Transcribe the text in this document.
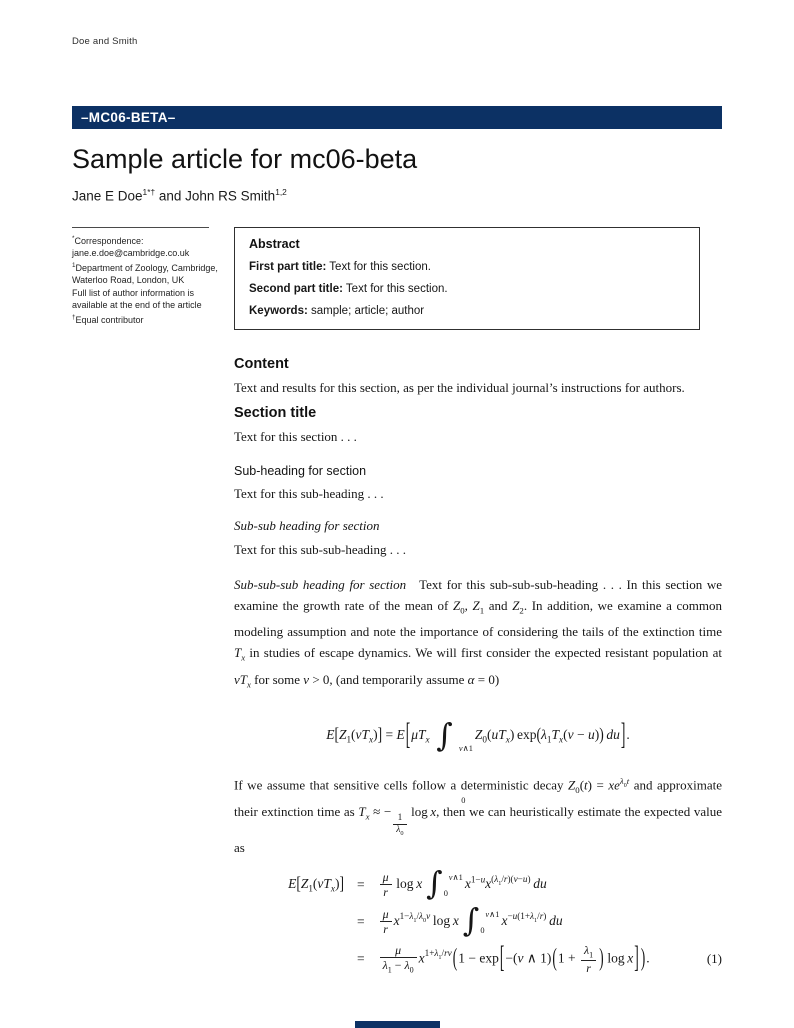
Doe and Smith
–MC06-BETA–
Sample article for mc06-beta
Jane E Doe$^{1*\dagger}$ and John RS Smith$^{1,2}$

*Correspondence:

jane.e.doe@cambridge.co.uk

$^1$Department of Zoology, Cambridge, Waterloo Road, London, UK

Full list of author information is available at the end of the article

†Equal contributor

Abstract
First part title: Text for this section.
Second part title: Text for this section.
Keywords: sample; article; author
Content
Text and results for this section, as per the individual journal’s instructions for authors.
Section title
Text for this section . . .
Sub-heading for section
Text for this sub-heading . . .
Sub-sub heading for section
Text for this sub-sub-heading . . .
Sub-sub-sub heading for section Text for this sub-sub-sub-heading . . . In this section we examine the growth rate of the mean of $Z_0$, $Z_1$ and $Z_2$. In addition, we examine a common modeling assumption and note the importance of considering the tails of the extinction time $T_x$ in studies of escape dynamics. We will first consider the expected resistant population at $vT_x$ for some v > 0, (and temporarily assume α = 0)
$E[Z_1(vT_x)] = E[\mu T_x$  ∫ v∧1
0
$Z_0(uT_x) \exp(\lambda_1T_x(v - u))$  du].
If we assume that sensitive cells follow a deterministic decay $Z_0(t) = xe^{\lambda_0t}$ and approximate their extinction time as $T_x$ ≈ −
$\frac{1}{\lambda_0}$
 log x, then we can heuristically estimate the expected value as
$E[Z_1(vT_x)] = \frac{\mu}{r}$  log x ∫ v∧1
0
$x^{1-u}x^{(\lambda_1/r)(v-u)}$  du
= $\frac{\mu}{r} x^{1-\lambda_1/\lambda_0v}$ log x ∫ v∧1
0
$x^{-u(1+\lambda_1/r)}$  du
= $\frac{\mu}{\lambda_1 - \lambda_0} x^{1+\lambda_1/rv}(1 - \exp[-(v$ ∧ $1)(1 + \frac{\lambda_1}{r}$ ) log x] ).	(1)
